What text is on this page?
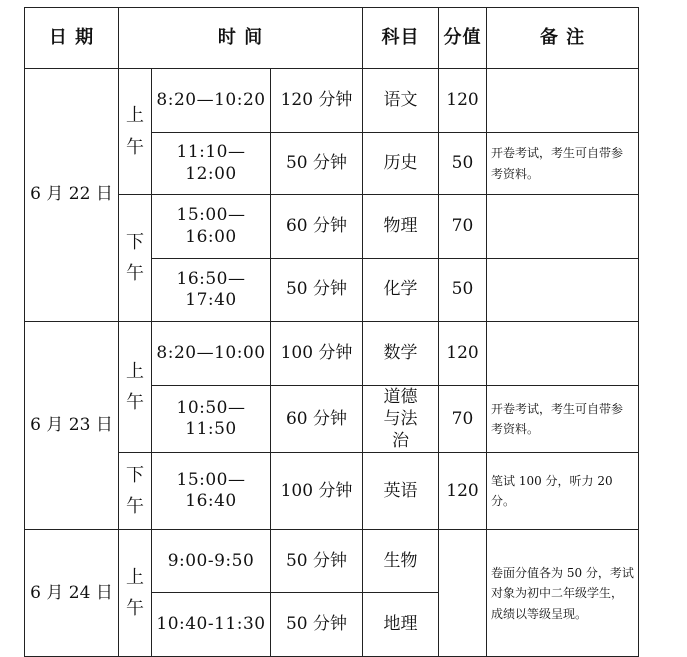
日 期	时 间			科目	分值	备 注
6 月 22 日	上午	8:20—10:20	120 分钟	语文	120	
		11:10—12:00	50 分钟	历史	50	开卷考试，考生可自带参考资料。
	下午	15:00—16:00	60 分钟	物理	70	
		16:50—17:40	50 分钟	化学	50	
6 月 23 日	上午	8:20—10:00	100 分钟	数学	120	
		10:50—11:50	60 分钟	道德与法治	70	开卷考试，考生可自带参考资料。
	下午	15:00—16:40	100 分钟	英语	120	笔试 100 分，听力 20 分。
6 月 24 日	上午	9:00-9:50	50 分钟	生物		卷面分值各为 50 分，考试对象为初中二年级学生，成绩以等级呈现。
		10:40-11:30	50 分钟	地理		
